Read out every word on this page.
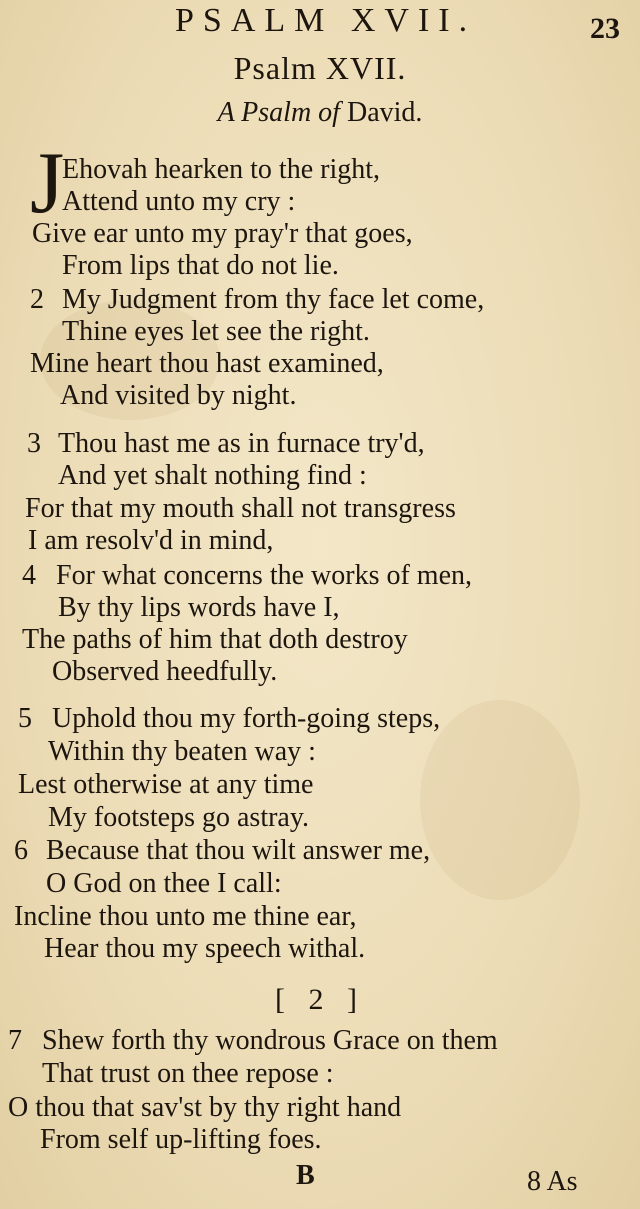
PSALM XVII.	23
Psalm XVII.
A Psalm of David.
J
Ehovah hearken to the right,
Attend unto my cry :
Give ear unto my pray'r that goes,
From lips that do not lie.
2 My Judgment from thy face let come,
Thine eyes let see the right.
Mine heart thou hast examined,
And visited by night.
3 Thou hast me as in furnace try'd,
And yet shalt nothing find :
For that my mouth shall not transgress
I am resolv'd in mind,
4 For what concerns the works of men,
By thy lips words have I,
The paths of him that doth destroy
Observed heedfully.
5 Uphold thou my forth-going steps,
Within thy beaten way :
Lest otherwise at any time
My footsteps go astray.
6 Because that thou wilt answer me,
O God on thee I call:
Incline thou unto me thine ear,
Hear thou my speech withal.
[ 2 ]
7 Shew forth thy wondrous Grace on them
That trust on thee repose :
O thou that sav'st by thy right hand
From self up-lifting foes.
B	8 As
